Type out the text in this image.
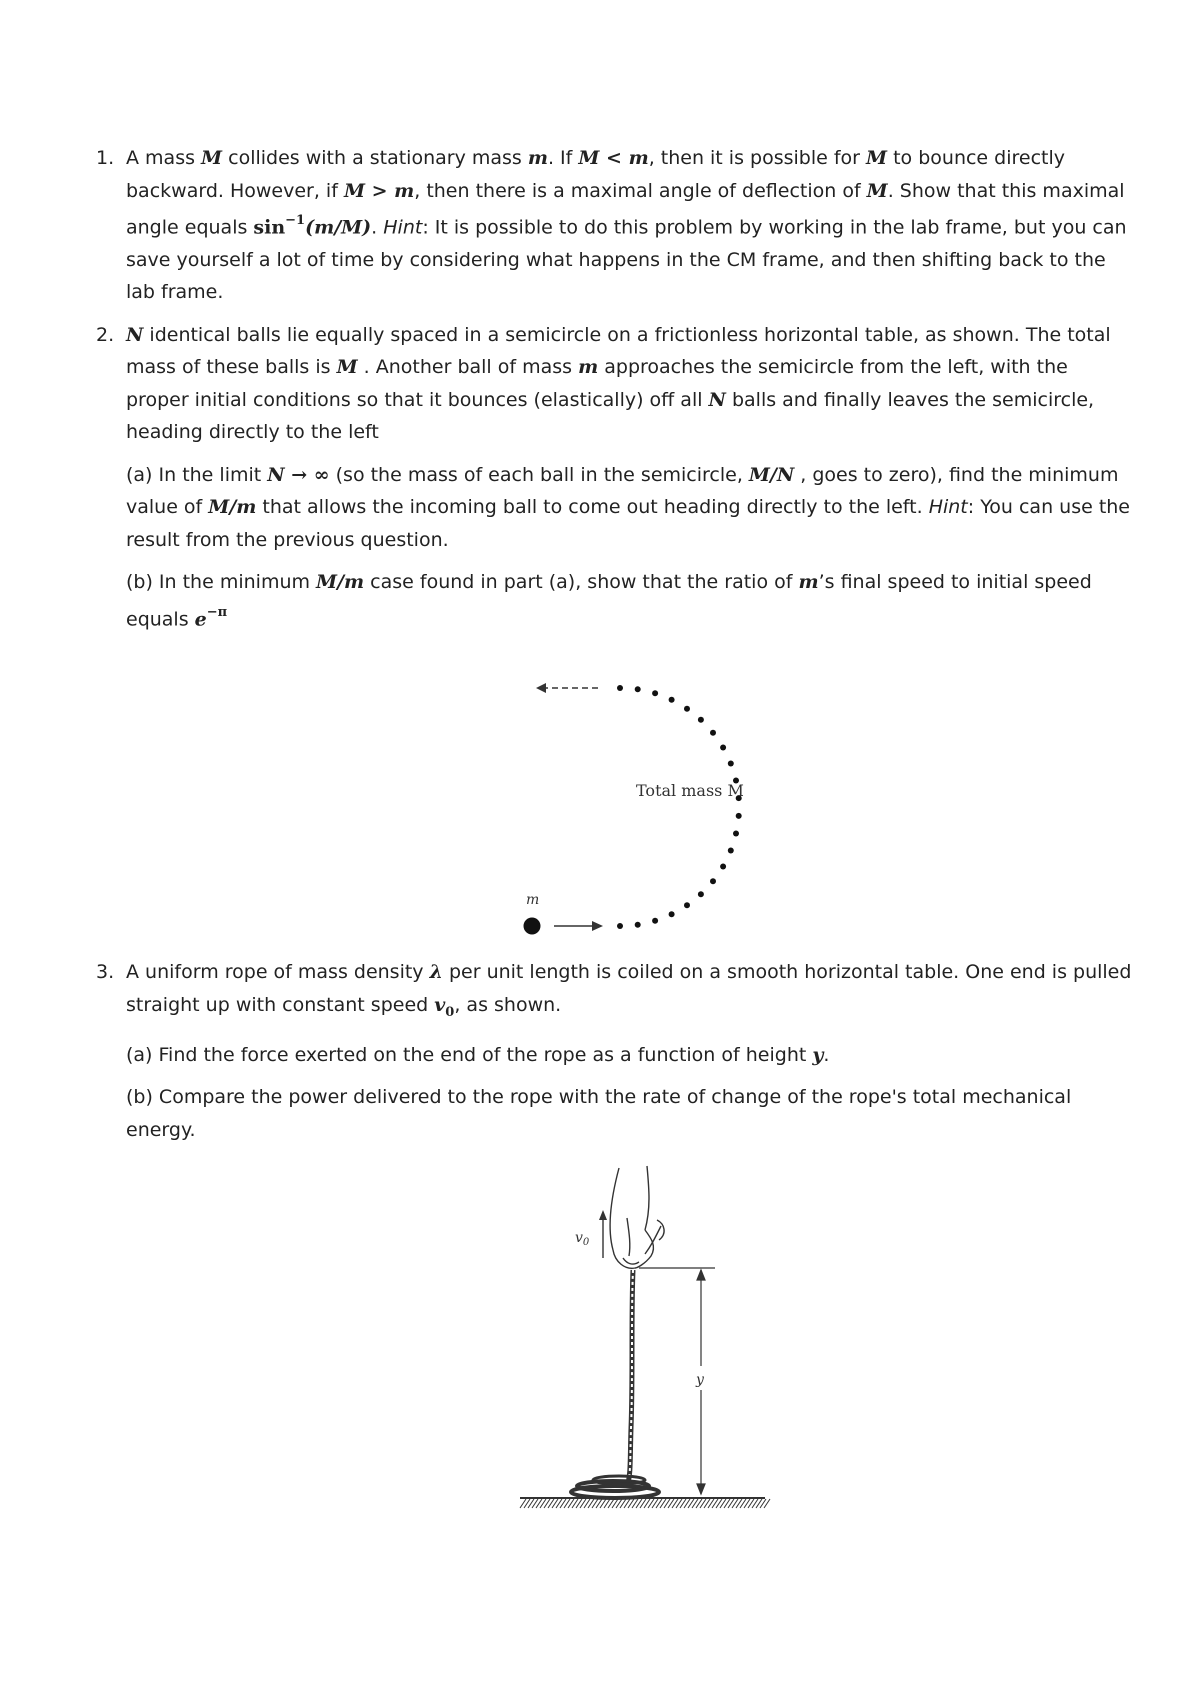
1. A mass M collides with a stationary mass m. If M < m, then it is possible for M to bounce directly backward. However, if M > m, then there is a maximal angle of deflection of M. Show that this maximal angle equals $\sin^{-1}(m/M)$. Hint: It is possible to do this problem by working in the lab frame, but you can save yourself a lot of time by considering what happens in the CM frame, and then shifting back to the lab frame.

2. N identical balls lie equally spaced in a semicircle on a frictionless horizontal table, as shown. The total mass of these balls is M . Another ball of mass m approaches the semicircle from the left, with the proper initial conditions so that it bounces (elastically) off all N balls and finally leaves the semicircle, heading directly to the left

(a) In the limit N → ∞ (so the mass of each ball in the semicircle, M/N , goes to zero), find the minimum value of M/m that allows the incoming ball to come out heading directly to the left. Hint: You can use the result from the previous question.

(b) In the minimum M/m case found in part (a), show that the ratio of m’s final speed to initial speed equals $e^{-\pi}$

Total mass M
m
3. A uniform rope of mass density λ per unit length is coiled on a smooth horizontal table. One end is pulled straight up with constant speed $v_0$, as shown.

(a) Find the force exerted on the end of the rope as a function of height y.

(b) Compare the power delivered to the rope with the rate of change of the rope's total mechanical energy.

$v_0$
y
